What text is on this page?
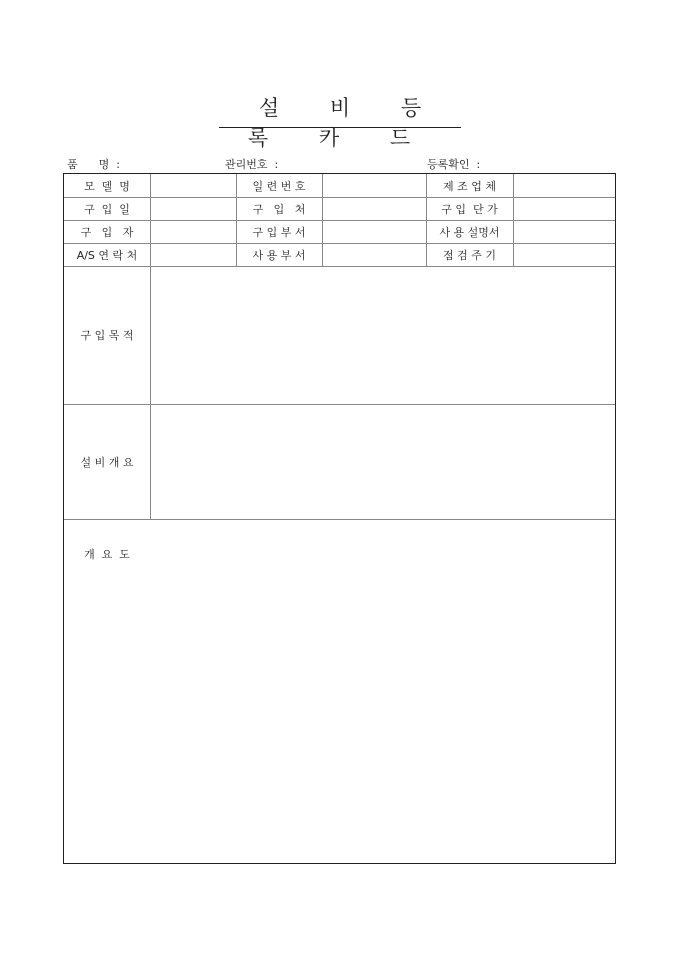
설 비 등 록 카 드
품      명  :	관리번호  :	등록확인  :
모  델  명	일 련 번 호	제 조 업 체
구  입  일	구   입   처	구 입  단 가
구   입   자	구 입 부 서	사 용 설명서
A/S 연 락 처	사 용 부 서	점 검 주 기
구 입 목 적
설 비 개 요
개  요  도
